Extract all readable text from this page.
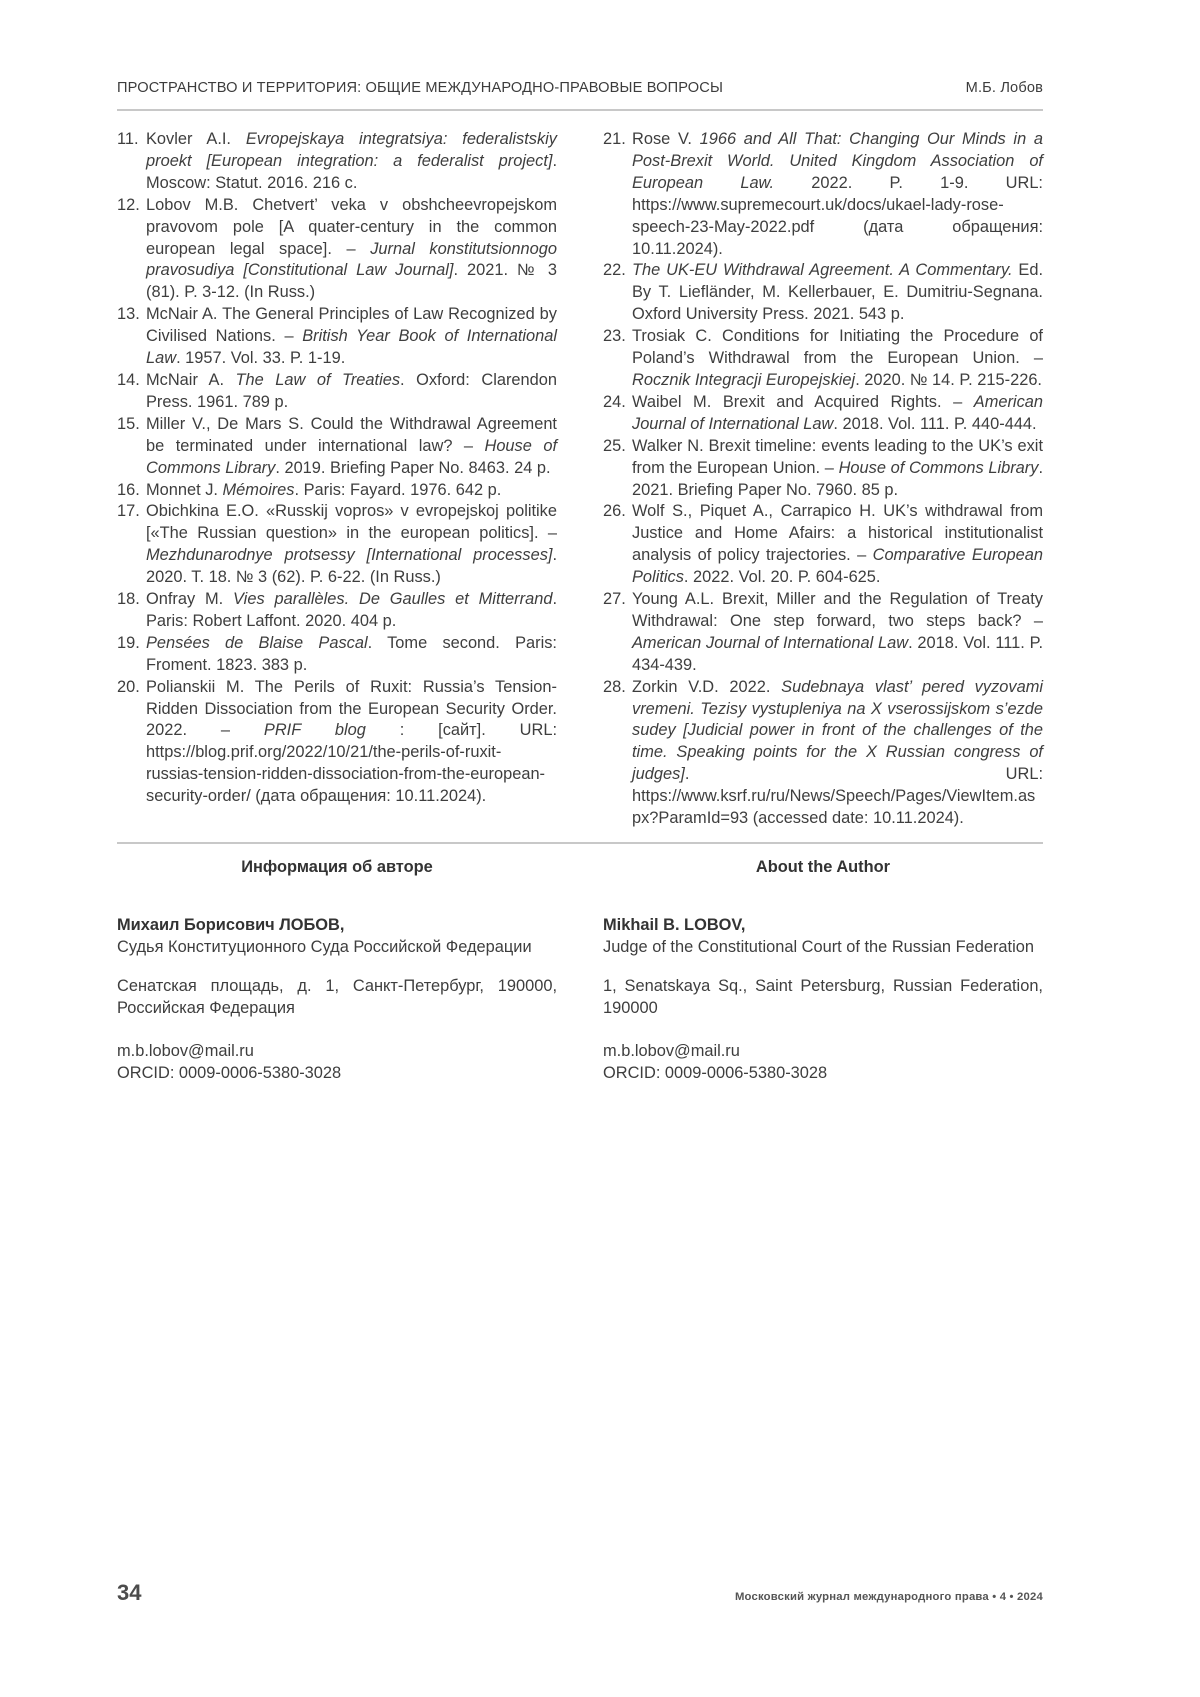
ПРОСТРАНСТВО И ТЕРРИТОРИЯ: ОБЩИЕ МЕЖДУНАРОДНО-ПРАВОВЫЕ ВОПРОСЫ	М.Б. Лобов

11. Kovler A.I. Evropejskaya integratsiya: federalistskiy proekt [European integration: a federalist project]. Moscow: Statut. 2016. 216 c.

12. Lobov M.B. Chetvert’ veka v obshcheevropejskom pravovom pole [A quater-century in the common european legal space]. – Jurnal konstitutsionnogo pravosudiya [Constitutional Law Journal]. 2021. № 3 (81). P. 3-12. (In Russ.)

13. McNair A. The General Principles of Law Recognized by Civilised Nations. – British Year Book of International Law. 1957. Vol. 33. P. 1-19.

14. McNair A. The Law of Treaties. Oxford: Clarendon Press. 1961. 789 p.

15. Miller V., De Mars S. Could the Withdrawal Agreement be terminated under international law? – House of Commons Library. 2019. Briefing Paper No. 8463. 24 p.

16. Monnet J. Mémoires. Paris: Fayard. 1976. 642 p.

17. Obichkina E.O. «Russkij vopros» v evropejskoj politike [«The Russian question» in the european politics]. – Mezhdunarodnye protsessy [International processes]. 2020. T. 18. № 3 (62). P. 6-22. (In Russ.)

18. Onfray M. Vies parallèles. De Gaulles et Mitterrand. Paris: Robert Laffont. 2020. 404 p.

19. Pensées de Blaise Pascal. Tome second. Paris: Froment. 1823. 383 p.

20. Polianskii M. The Perils of Ruxit: Russia’s Tension-Ridden Dissociation from the European Security Order. 2022. – PRIF blog : [сайт]. URL: https://blog.prif.org/2022/10/21/the-perils-of-ruxit-russias-tension-ridden-dissociation-from-the-european-security-order/ (дата обращения: 10.11.2024).

21. Rose V. 1966 and All That: Changing Our Minds in a Post-Brexit World. United Kingdom Association of European Law. 2022. P. 1-9. URL: https://www.supremecourt.uk/docs/ukael-lady-rose-speech-23-May-2022.pdf (дата обращения: 10.11.2024).

22. The UK-EU Withdrawal Agreement. A Commentary. Ed. By T. Liefländer, M. Kellerbauer, E. Dumitriu-Segnana. Oxford University Press. 2021. 543 p.

23. Trosiak C. Conditions for Initiating the Procedure of Poland’s Withdrawal from the European Union. – Rocznik Integracji Europejskiej. 2020. № 14. P. 215-226.

24. Waibel M. Brexit and Acquired Rights. – American Journal of International Law. 2018. Vol. 111. P. 440-444.

25. Walker N. Brexit timeline: events leading to the UK’s exit from the European Union. – House of Commons Library. 2021. Briefing Paper No. 7960. 85 p.

26. Wolf S., Piquet A., Carrapico H. UK’s withdrawal from Justice and Home Afairs: a historical institutionalist analysis of policy trajectories. – Comparative European Politics. 2022. Vol. 20. P. 604-625.

27. Young A.L. Brexit, Miller and the Regulation of Treaty Withdrawal: One step forward, two steps back? – American Journal of International Law. 2018. Vol. 111. P. 434-439.

28. Zorkin V.D. 2022. Sudebnaya vlast’ pered vyzovami vremeni. Tezisy vystupleniya na X vserossijskom s’ezde sudey [Judicial power in front of the challenges of the time. Speaking points for the X Russian congress of judges]. URL: https://www.ksrf.ru/ru/News/Speech/Pages/ViewItem.aspx?ParamId=93 (accessed date: 10.11.2024).

Информация об авторе

Михаил Борисович ЛОБОВ,

Судья Конституционного Суда Российской Федерации

Сенатская площадь, д. 1, Санкт-Петербург, 190000, Российская Федерация

m.b.lobov@mail.ru

ORCID: 0009-0006-5380-3028

About the Author

Mikhail B. LOBOV,

Judge of the Constitutional Court of the Russian Federation

1, Senatskaya Sq., Saint Petersburg, Russian Federation, 190000

m.b.lobov@mail.ru

ORCID: 0009-0006-5380-3028

34	Московский журнал международного права • 4 • 2024
